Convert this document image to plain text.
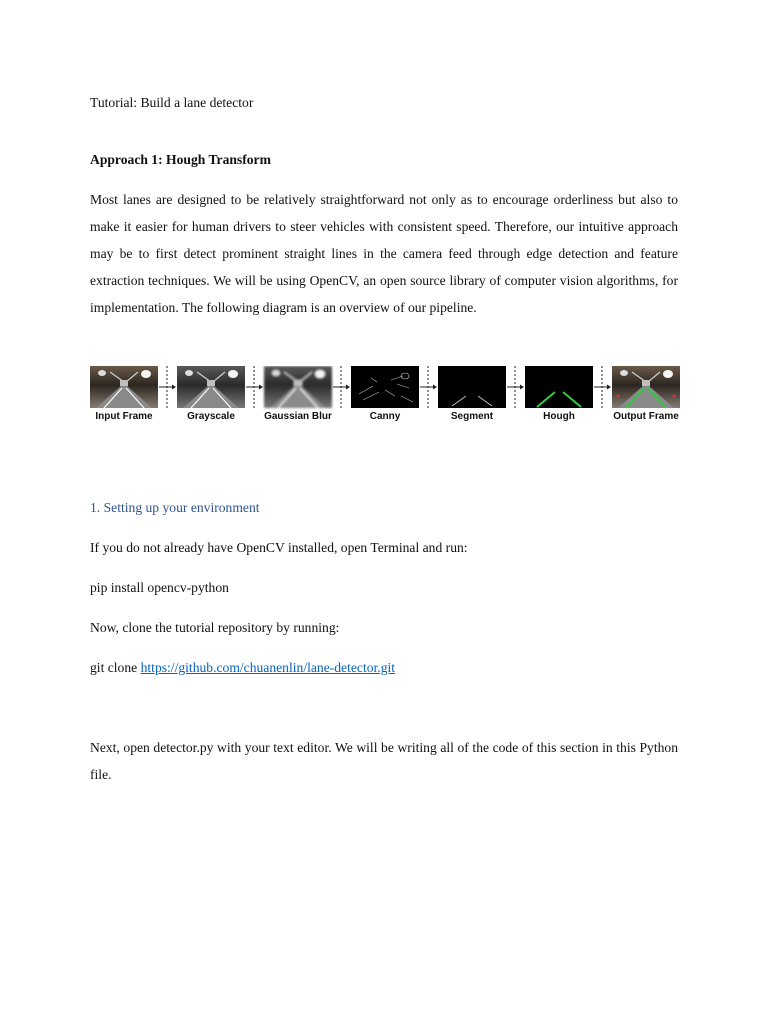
Tutorial: Build a lane detector

Approach 1: Hough Transform

Most lanes are designed to be relatively straightforward not only as to encourage orderliness but also to make it easier for human drivers to steer vehicles with consistent speed. Therefore, our intuitive approach may be to first detect prominent straight lines in the camera feed through edge detection and feature extraction techniques. We will be using OpenCV, an open source library of computer vision algorithms, for implementation. The following diagram is an overview of our pipeline.

Input Frame	Grayscale	Gaussian Blur	Canny	Segment	Hough	Output Frame

1. Setting up your environment

If you do not already have OpenCV installed, open Terminal and run:

pip install opencv-python

Now, clone the tutorial repository by running:

git clone https://github.com/chuanenlin/lane-detector.git

Next, open detector.py with your text editor. We will be writing all of the code of this section in this Python file.
